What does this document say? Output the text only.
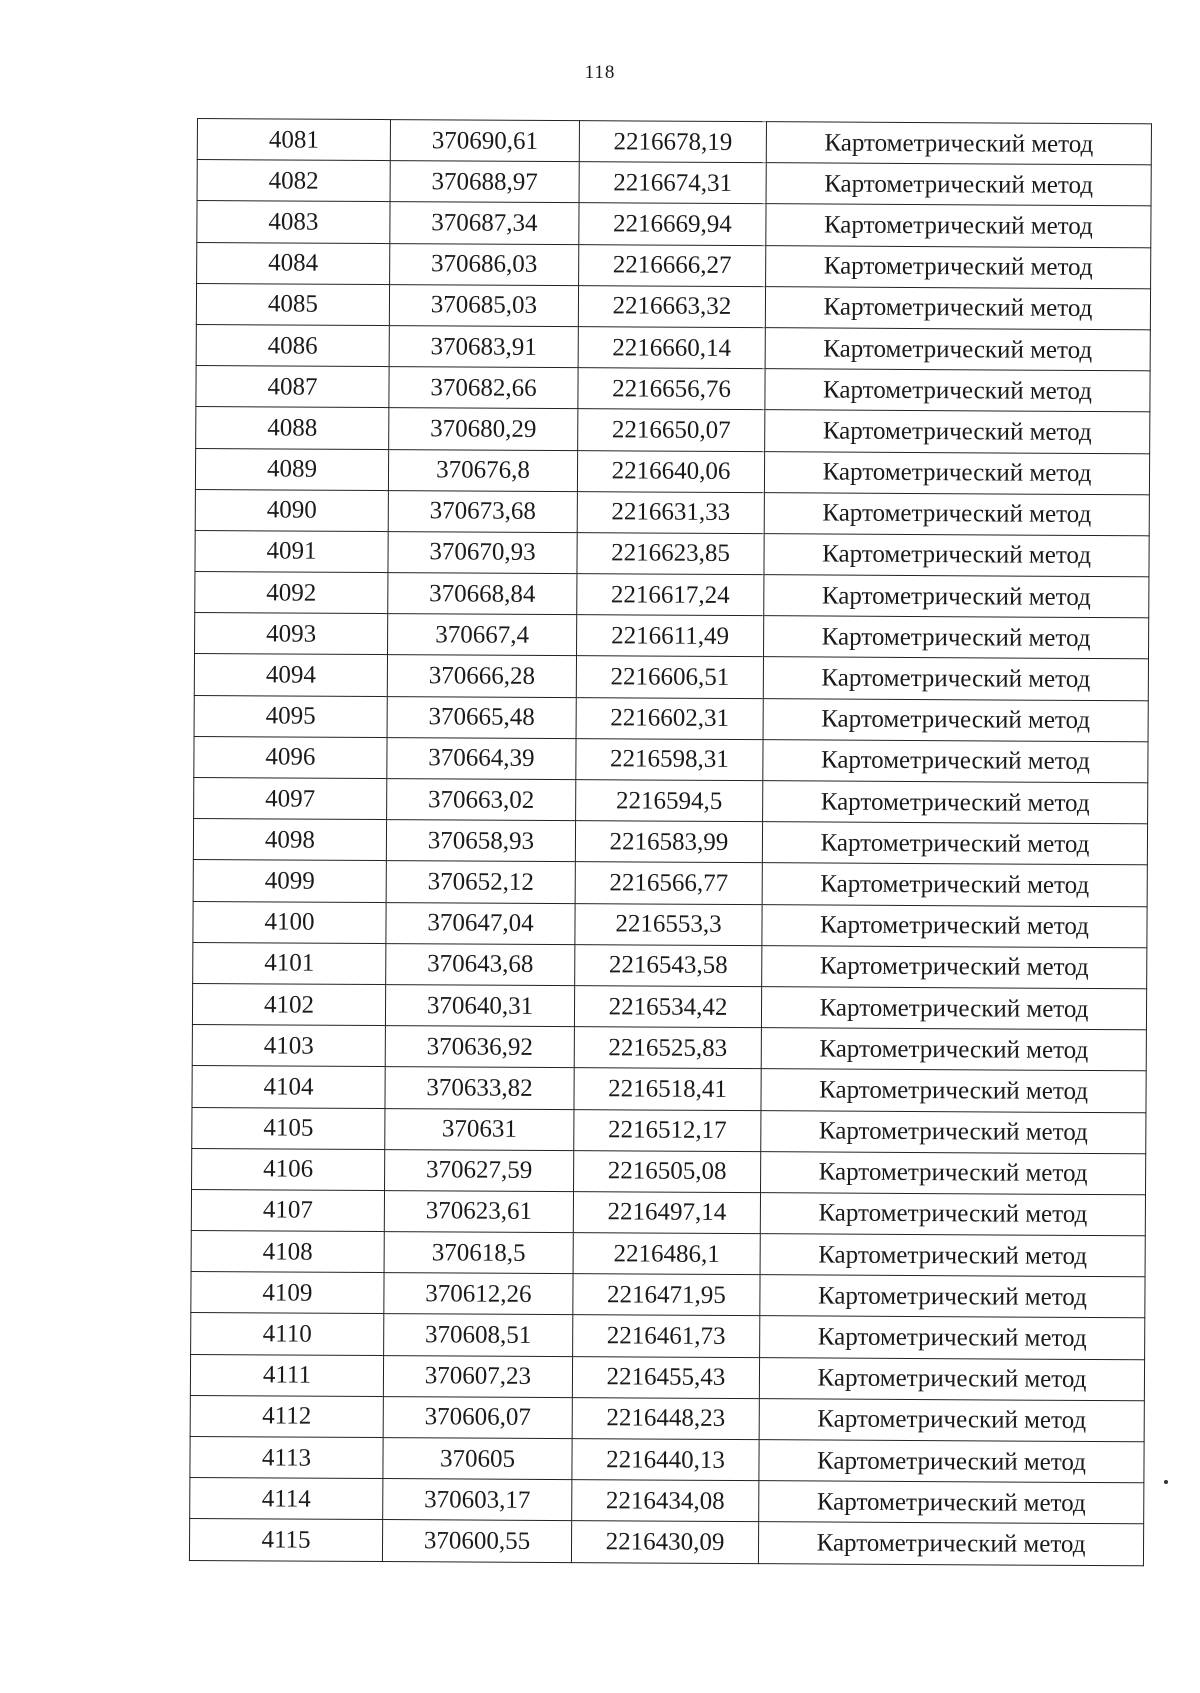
118
4081	370690,61	2216678,19	Картометрический метод
4082	370688,97	2216674,31	Картометрический метод
4083	370687,34	2216669,94	Картометрический метод
4084	370686,03	2216666,27	Картометрический метод
4085	370685,03	2216663,32	Картометрический метод
4086	370683,91	2216660,14	Картометрический метод
4087	370682,66	2216656,76	Картометрический метод
4088	370680,29	2216650,07	Картометрический метод
4089	370676,8	2216640,06	Картометрический метод
4090	370673,68	2216631,33	Картометрический метод
4091	370670,93	2216623,85	Картометрический метод
4092	370668,84	2216617,24	Картометрический метод
4093	370667,4	2216611,49	Картометрический метод
4094	370666,28	2216606,51	Картометрический метод
4095	370665,48	2216602,31	Картометрический метод
4096	370664,39	2216598,31	Картометрический метод
4097	370663,02	2216594,5	Картометрический метод
4098	370658,93	2216583,99	Картометрический метод
4099	370652,12	2216566,77	Картометрический метод
4100	370647,04	2216553,3	Картометрический метод
4101	370643,68	2216543,58	Картометрический метод
4102	370640,31	2216534,42	Картометрический метод
4103	370636,92	2216525,83	Картометрический метод
4104	370633,82	2216518,41	Картометрический метод
4105	370631	2216512,17	Картометрический метод
4106	370627,59	2216505,08	Картометрический метод
4107	370623,61	2216497,14	Картометрический метод
4108	370618,5	2216486,1	Картометрический метод
4109	370612,26	2216471,95	Картометрический метод
4110	370608,51	2216461,73	Картометрический метод
4111	370607,23	2216455,43	Картометрический метод
4112	370606,07	2216448,23	Картометрический метод
4113	370605	2216440,13	Картометрический метод
4114	370603,17	2216434,08	Картометрический метод
4115	370600,55	2216430,09	Картометрический метод
